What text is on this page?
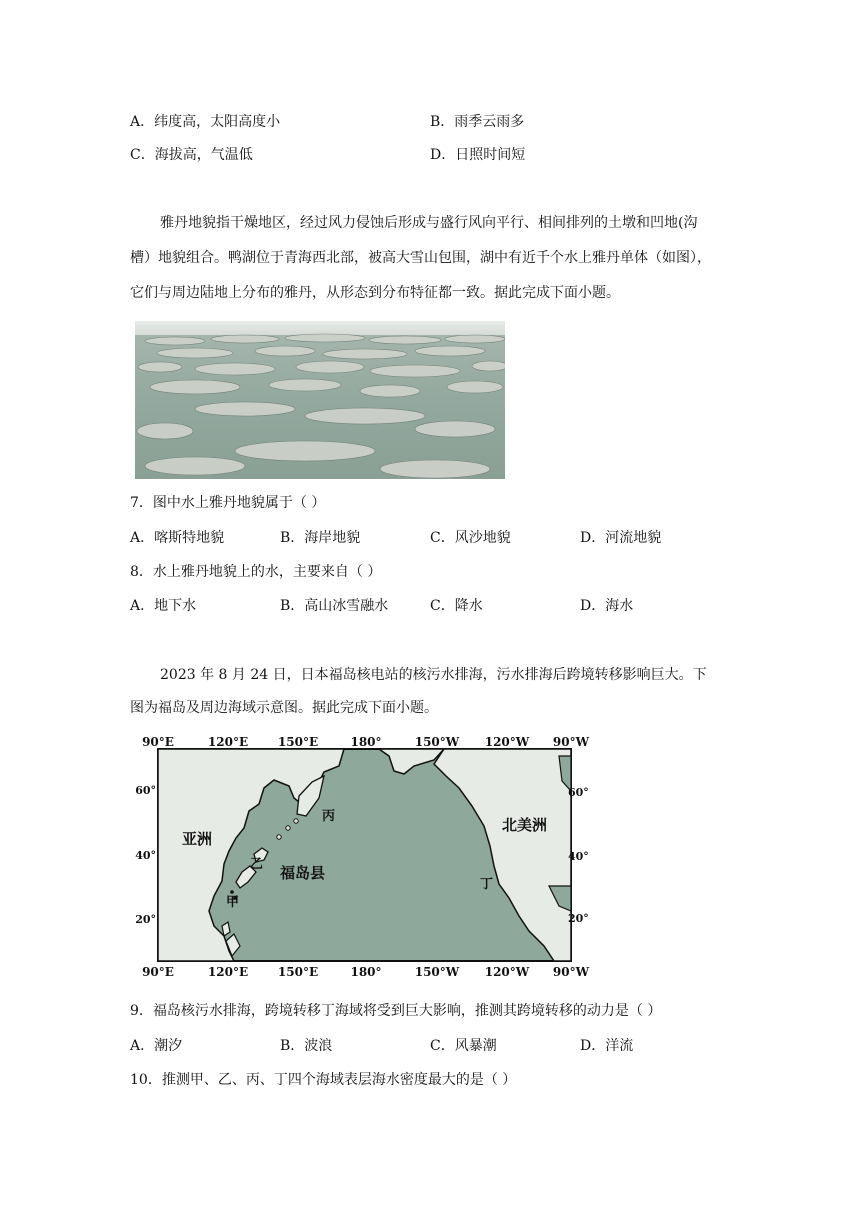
A．纬度高，太阳高度小	B．雨季云雨多
C．海拔高，气温低	D．日照时间短
雅丹地貌指干燥地区，经过风力侵蚀后形成与盛行风向平行、相间排列的土墩和凹地(沟
槽）地貌组合。鸭湖位于青海西北部，被高大雪山包围，湖中有近千个水上雅丹单体（如图），
它们与周边陆地上分布的雅丹，从形态到分布特征都一致。据此完成下面小题。
7．图中水上雅丹地貌属于（ ）
A．喀斯特地貌	B．海岸地貌	C．风沙地貌	D．河流地貌
8．水上雅丹地貌上的水，主要来自（ ）
A．地下水	B．高山冰雪融水	C．降水	D．海水
2023 年 8 月 24 日，日本福岛核电站的核污水排海，污水排海后跨境转移影响巨大。下
图为福岛及周边海域示意图。据此完成下面小题。
90°E	120°E 150°E	180°	150°W 120°W 90°W
90°E	120°E 150°E	180°	150°W 120°W 90°W
60°
40°
20°
60°
40°
20°
亚洲
北美洲
福岛县
甲
乙
丙
丁
9．福岛核污水排海，跨境转移丁海域将受到巨大影响，推测其跨境转移的动力是（ ）
A．潮汐	B．波浪	C．风暴潮	D．洋流
10．推测甲、乙、丙、丁四个海域表层海水密度最大的是（ ）
